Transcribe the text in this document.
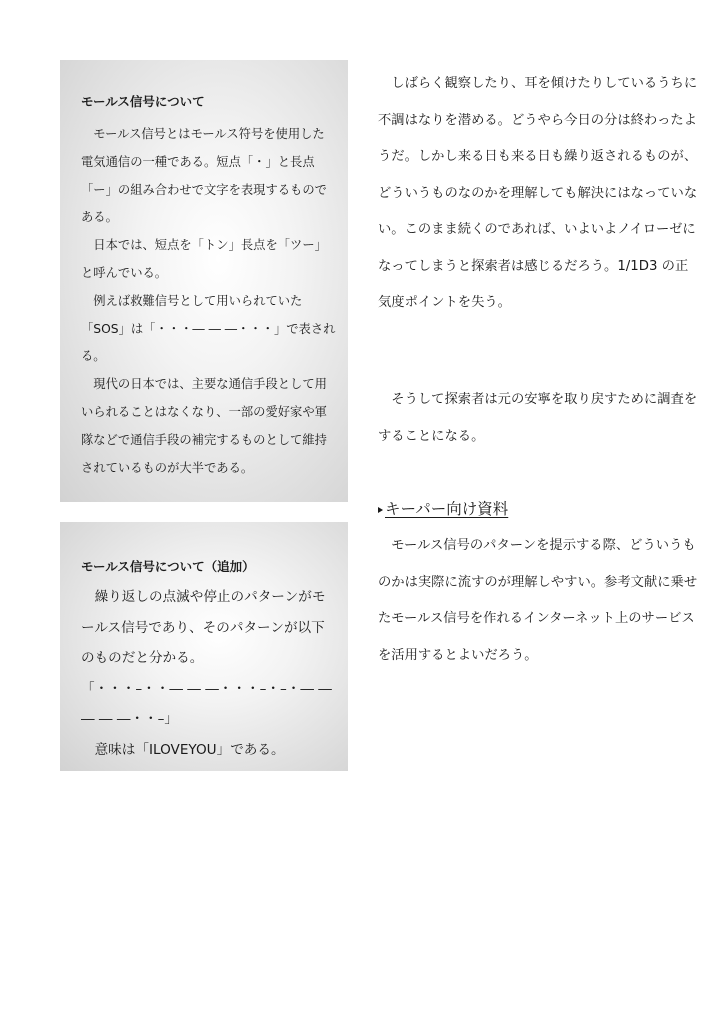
モールス信号について

モールス信号とはモールス符号を使用した電気通信の一種である。短点「・」と長点「ー」の組み合わせで文字を表現するものである。

日本では、短点を「トン」長点を「ツー」と呼んでいる。

例えば救難信号として用いられていた「SOS」は「・・・― ― ―・・・」で表される。

現代の日本では、主要な通信手段として用いられることはなくなり、一部の愛好家や軍隊などで通信手段の補完するものとして維持されているものが大半である。

モールス信号について（追加）

繰り返しの点滅や停止のパターンがモールス信号であり、そのパターンが以下のものだと分かる。

「・・・–・・― ― ―・・・–・–・― ― ― ― ―・・–」

意味は「ILOVEYOU」である。

しばらく観察したり、耳を傾けたりしているうちに不調はなりを潜める。どうやら今日の分は終わったようだ。しかし来る日も来る日も繰り返されるものが、どういうものなのかを理解しても解決にはなっていない。このまま続くのであれば、いよいよノイローゼになってしまうと探索者は感じるだろう。1/1D3 の正気度ポイントを失う。

そうして探索者は元の安寧を取り戻すために調査をすることになる。

キーパー向け資料

モールス信号のパターンを提示する際、どういうものかは実際に流すのが理解しやすい。参考文献に乗せたモールス信号を作れるインターネット上のサービスを活用するとよいだろう。
